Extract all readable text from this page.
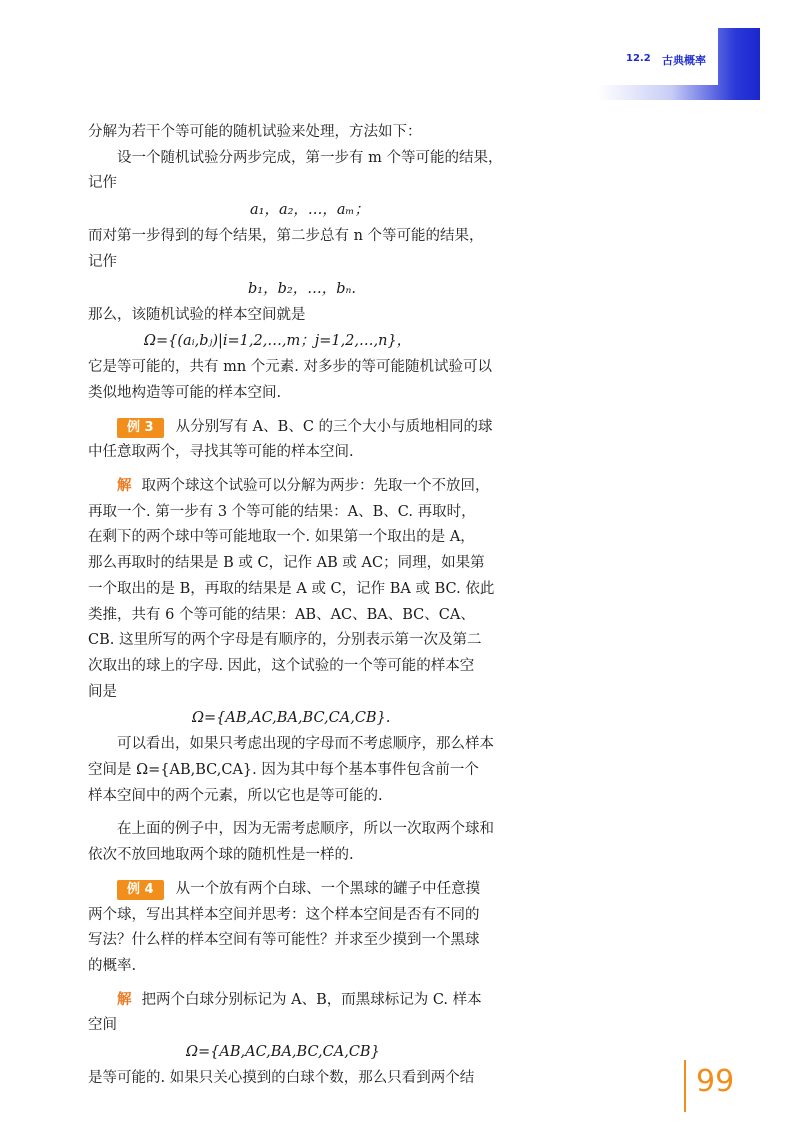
12.2 古典概率

分解为若干个等可能的随机试验来处理，方法如下：

设一个随机试验分两步完成，第一步有 m 个等可能的结果，

记作

a₁，a₂，…，aₘ；

而对第一步得到的每个结果，第二步总有 n 个等可能的结果，

记作

b₁，b₂，…，bₙ.

那么，该随机试验的样本空间就是

Ω={(aᵢ,bⱼ)|i=1,2,…,m；j=1,2,…,n}，

它是等可能的，共有 mn 个元素. 对多步的等可能随机试验可以

类似地构造等可能的样本空间.

例 3 从分别写有 A、B、C 的三个大小与质地相同的球

中任意取两个，寻找其等可能的样本空间.

解 取两个球这个试验可以分解为两步：先取一个不放回，

再取一个. 第一步有 3 个等可能的结果：A、B、C. 再取时，

在剩下的两个球中等可能地取一个. 如果第一个取出的是 A，

那么再取时的结果是 B 或 C，记作 AB 或 AC；同理，如果第

一个取出的是 B，再取的结果是 A 或 C，记作 BA 或 BC. 依此

类推，共有 6 个等可能的结果：AB、AC、BA、BC、CA、

CB. 这里所写的两个字母是有顺序的，分别表示第一次及第二

次取出的球上的字母. 因此，这个试验的一个等可能的样本空

间是

Ω={AB,AC,BA,BC,CA,CB}.

可以看出，如果只考虑出现的字母而不考虑顺序，那么样本

空间是 Ω={AB,BC,CA}. 因为其中每个基本事件包含前一个

样本空间中的两个元素，所以它也是等可能的.

在上面的例子中，因为无需考虑顺序，所以一次取两个球和

依次不放回地取两个球的随机性是一样的.

例 4 从一个放有两个白球、一个黑球的罐子中任意摸

两个球，写出其样本空间并思考：这个样本空间是否有不同的

写法？什么样的样本空间有等可能性？并求至少摸到一个黑球

的概率.

解 把两个白球分别标记为 A、B，而黑球标记为 C. 样本

空间

Ω={AB,AC,BA,BC,CA,CB}

是等可能的. 如果只关心摸到的白球个数，那么只看到两个结	99
